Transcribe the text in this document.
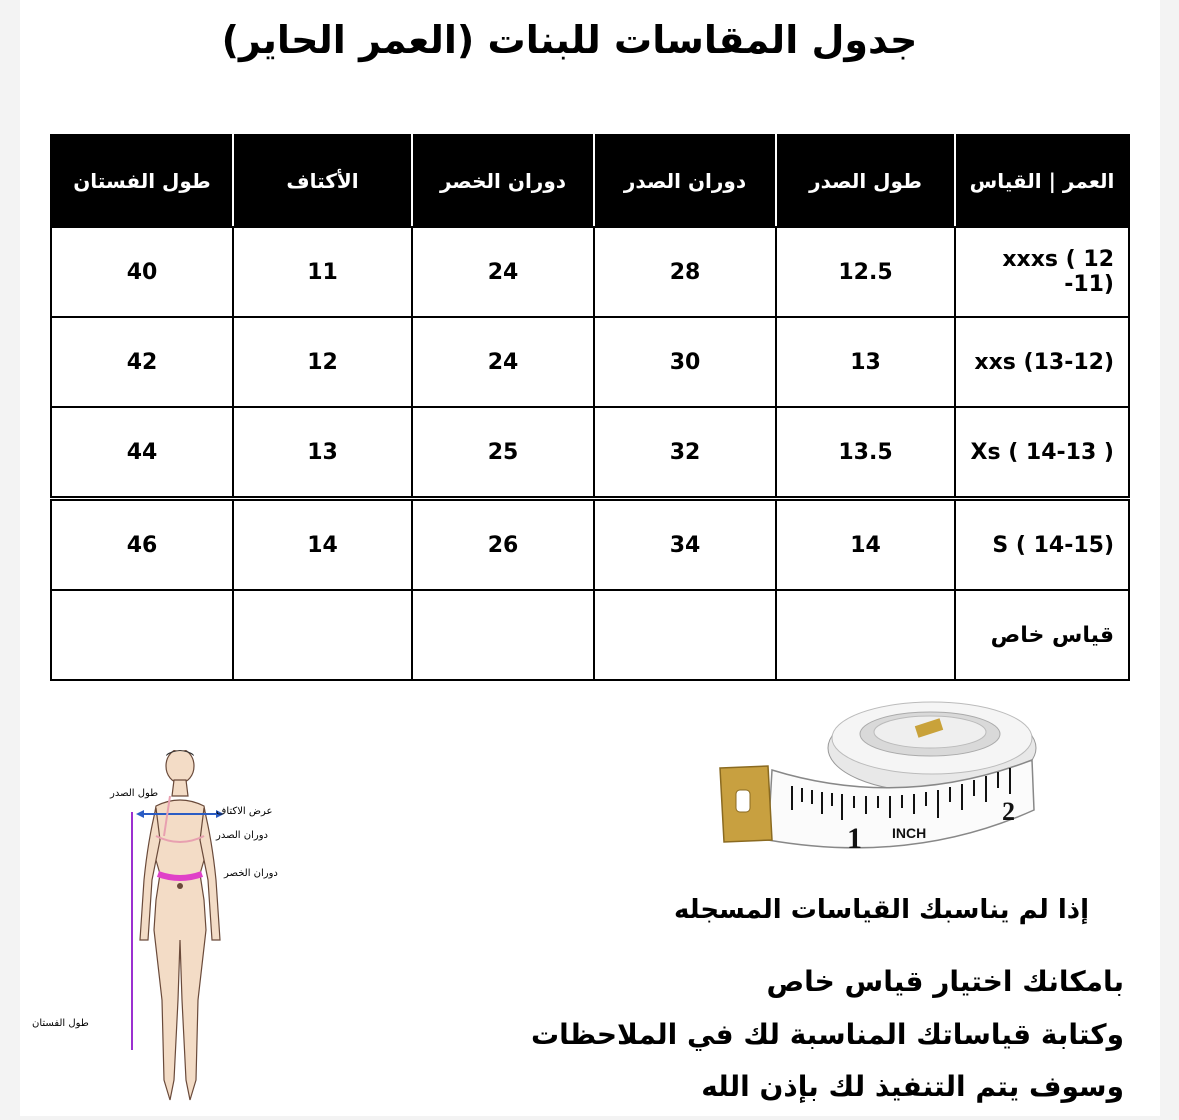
جدول المقاسات للبنات (العمر الحاير)
العمر | القياس	طول الصدر	دوران الصدر	دوران الخصر	الأكتاف	طول الفستان
xxxs ( 12 -11)	12.5	28	24	11	40
xxs (13-12)	13	30	24	12	42
Xs ( 14-13 )	13.5	32	25	13	44
S ( 14-15)	14	34	26	14	46
قياس خاص					
1 INCH
2
إذا لم يناسبك القياسات المسجله
بامكانك اختيار قياس خاص
وكتابة قياساتك المناسبة لك في الملاحظات
وسوف يتم التنفيذ لك بإذن الله
طول الصدر
عرض الاكتاف
دوران الصدر
دوران الخصر
طول الفستان
